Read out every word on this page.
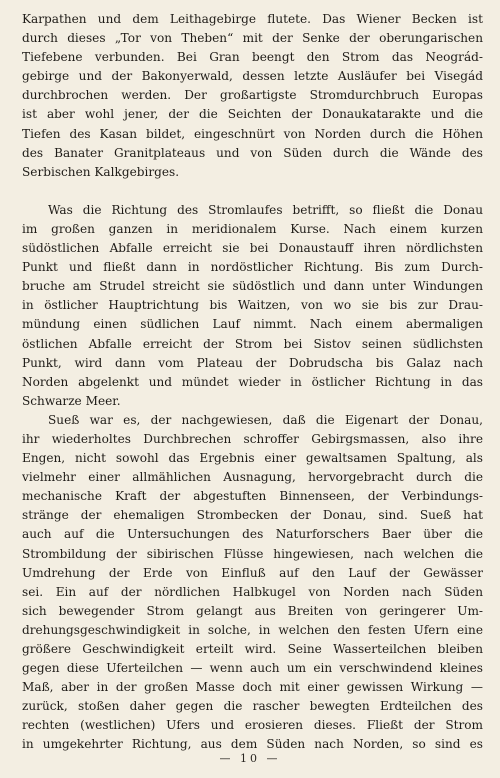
Karpathen und dem Leithagebirge flutete. Das Wiener Becken ist
durch dieses „Tor von Theben“ mit der Senke der oberungarischen
Tiefebene verbunden. Bei Gran beengt den Strom das Neográd-
gebirge und der Bakonyerwald, dessen letzte Ausläufer bei Visegád
durchbrochen werden. Der großartigste Stromdurchbruch Europas
ist aber wohl jener, der die Seichten der Donaukatarakte und die
Tiefen des Kasan bildet, eingeschnürt von Norden durch die Höhen
des Banater Granitplateaus und von Süden durch die Wände des
Serbischen Kalkgebirges.

Was die Richtung des Stromlaufes betrifft, so fließt die Donau
im großen ganzen in meridionalem Kurse. Nach einem kurzen
südöstlichen Abfalle erreicht sie bei Donaustauff ihren nördlichsten
Punkt und fließt dann in nordöstlicher Richtung. Bis zum Durch-
bruche am Strudel streicht sie südöstlich und dann unter Windungen
in östlicher Hauptrichtung bis Waitzen, von wo sie bis zur Drau-
mündung einen südlichen Lauf nimmt. Nach einem abermaligen
östlichen Abfalle erreicht der Strom bei Sistov seinen südlichsten
Punkt, wird dann vom Plateau der Dobrudscha bis Galaz nach
Norden abgelenkt und mündet wieder in östlicher Richtung in das
Schwarze Meer.

Sueß war es, der nachgewiesen, daß die Eigenart der Donau,
ihr wiederholtes Durchbrechen schroffer Gebirgsmassen, also ihre
Engen, nicht sowohl das Ergebnis einer gewaltsamen Spaltung, als
vielmehr einer allmählichen Ausnagung, hervorgebracht durch die
mechanische Kraft der abgestuften Binnenseen, der Verbindungs-
stränge der ehemaligen Strombecken der Donau, sind. Sueß hat
auch auf die Untersuchungen des Naturforschers Baer über die
Strombildung der sibirischen Flüsse hingewiesen, nach welchen die
Umdrehung der Erde von Einfluß auf den Lauf der Gewässer
sei. Ein auf der nördlichen Halbkugel von Norden nach Süden
sich bewegender Strom gelangt aus Breiten von geringerer Um-
drehungsgeschwindigkeit in solche, in welchen den festen Ufern eine
größere Geschwindigkeit erteilt wird. Seine Wasserteilchen bleiben
gegen diese Uferteilchen — wenn auch um ein verschwindend kleines
Maß, aber in der großen Masse doch mit einer gewissen Wirkung —
zurück, stoßen daher gegen die rascher bewegten Erdteilchen des
rechten (westlichen) Ufers und erosieren dieses. Fließt der Strom
in umgekehrter Richtung, aus dem Süden nach Norden, so sind es

— 10 —
